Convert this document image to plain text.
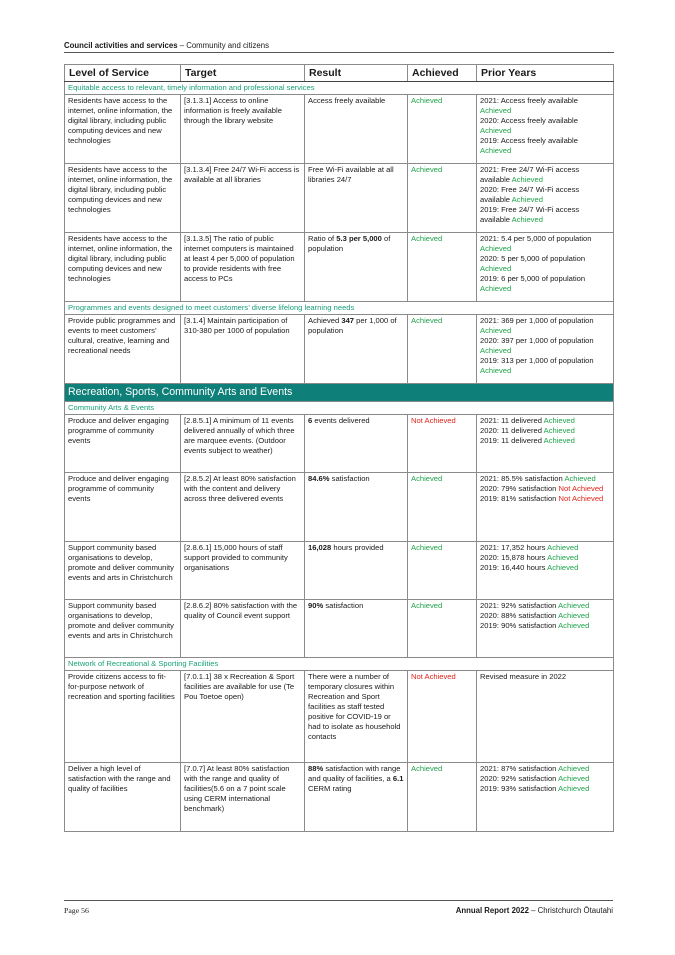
Council activities and services – Community and citizens
Level of Service	Target	Result	Achieved	Prior Years
Equitable access to relevant, timely information and professional services				
Residents have access to the internet, online information, the digital library, including public computing devices and new technologies	[3.1.3.1] Access to online information is freely available through the library website	Access freely available	Achieved	2021: Access freely available Achieved
2020: Access freely available Achieved
2019: Access freely available Achieved

Residents have access to the internet, online information, the digital library, including public computing devices and new technologies	[3.1.3.4] Free 24/7 Wi-Fi access is available at all libraries	Free Wi-Fi available at all libraries 24/7	Achieved	2021: Free 24/7 Wi-Fi access available Achieved
2020: Free 24/7 Wi-Fi access available Achieved
2019: Free 24/7 Wi-Fi access available Achieved

Residents have access to the internet, online information, the digital library, including public computing devices and new technologies	[3.1.3.5] The ratio of public internet computers is maintained at least 4 per 5,000 of population to provide residents with free access to PCs	Ratio of 5.3 per 5,000 of population	Achieved	2021: 5.4 per 5,000 of population Achieved
2020: 5 per 5,000 of population Achieved
2019: 6 per 5,000 of population Achieved

Programmes and events designed to meet customers’ diverse lifelong learning needs				
Provide public programmes and events to meet customers’ cultural, creative, learning and recreational needs	[3.1.4] Maintain participation of 310-380 per 1000 of population	Achieved 347 per 1,000 of population	Achieved	2021: 369 per 1,000 of population Achieved
2020: 397 per 1,000 of population Achieved
2019: 313 per 1,000 of population Achieved

Recreation, Sports, Community Arts and Events				
Community Arts & Events				
Produce and deliver engaging programme of community events	[2.8.5.1] A minimum of 11 events delivered annually of which three are marquee events. (Outdoor events subject to weather)	6 events delivered	Not Achieved	2021: 11 delivered Achieved
2020: 11 delivered Achieved
2019: 11 delivered Achieved

Produce and deliver engaging programme of community events	[2.8.5.2] At least 80% satisfaction with the content and delivery across three delivered events	84.6% satisfaction	Achieved	2021: 85.5% satisfaction Achieved
2020: 79% satisfaction Not Achieved
2019: 81% satisfaction Not Achieved

Support community based organisations to develop, promote and deliver community events and arts in Christchurch	[2.8.6.1] 15,000 hours of staff support provided to community organisations	16,028 hours provided	Achieved	2021: 17,352 hours Achieved
2020: 15,878 hours Achieved
2019: 16,440 hours Achieved

Support community based organisations to develop, promote and deliver community events and arts in Christchurch	[2.8.6.2] 80% satisfaction with the quality of Council event support	90% satisfaction	Achieved	2021: 92% satisfaction Achieved
2020: 88% satisfaction Achieved
2019: 90% satisfaction Achieved

Network of Recreational & Sporting Facilities				
Provide citizens access to fit-for-purpose network of recreation and sporting facilities	[7.0.1.1] 38 x Recreation & Sport facilities are available for use (Te Pou Toetoe open)	There were a number of temporary closures within Recreation and Sport facilities as staff tested positive for COVID-19 or had to isolate as household contacts	Not Achieved	Revised measure in 2022

Deliver a high level of satisfaction with the range and quality of facilities	[7.0.7] At least 80% satisfaction with the range and quality of facilities(5.6 on a 7 point scale using CERM international benchmark)	88% satisfaction with range and quality of facilities, a 6.1 CERM rating	Achieved	2021: 87% satisfaction Achieved
2020: 92% satisfaction Achieved
2019: 93% satisfaction Achieved
Page 56	Annual Report 2022 – Christchurch Ōtautahi
